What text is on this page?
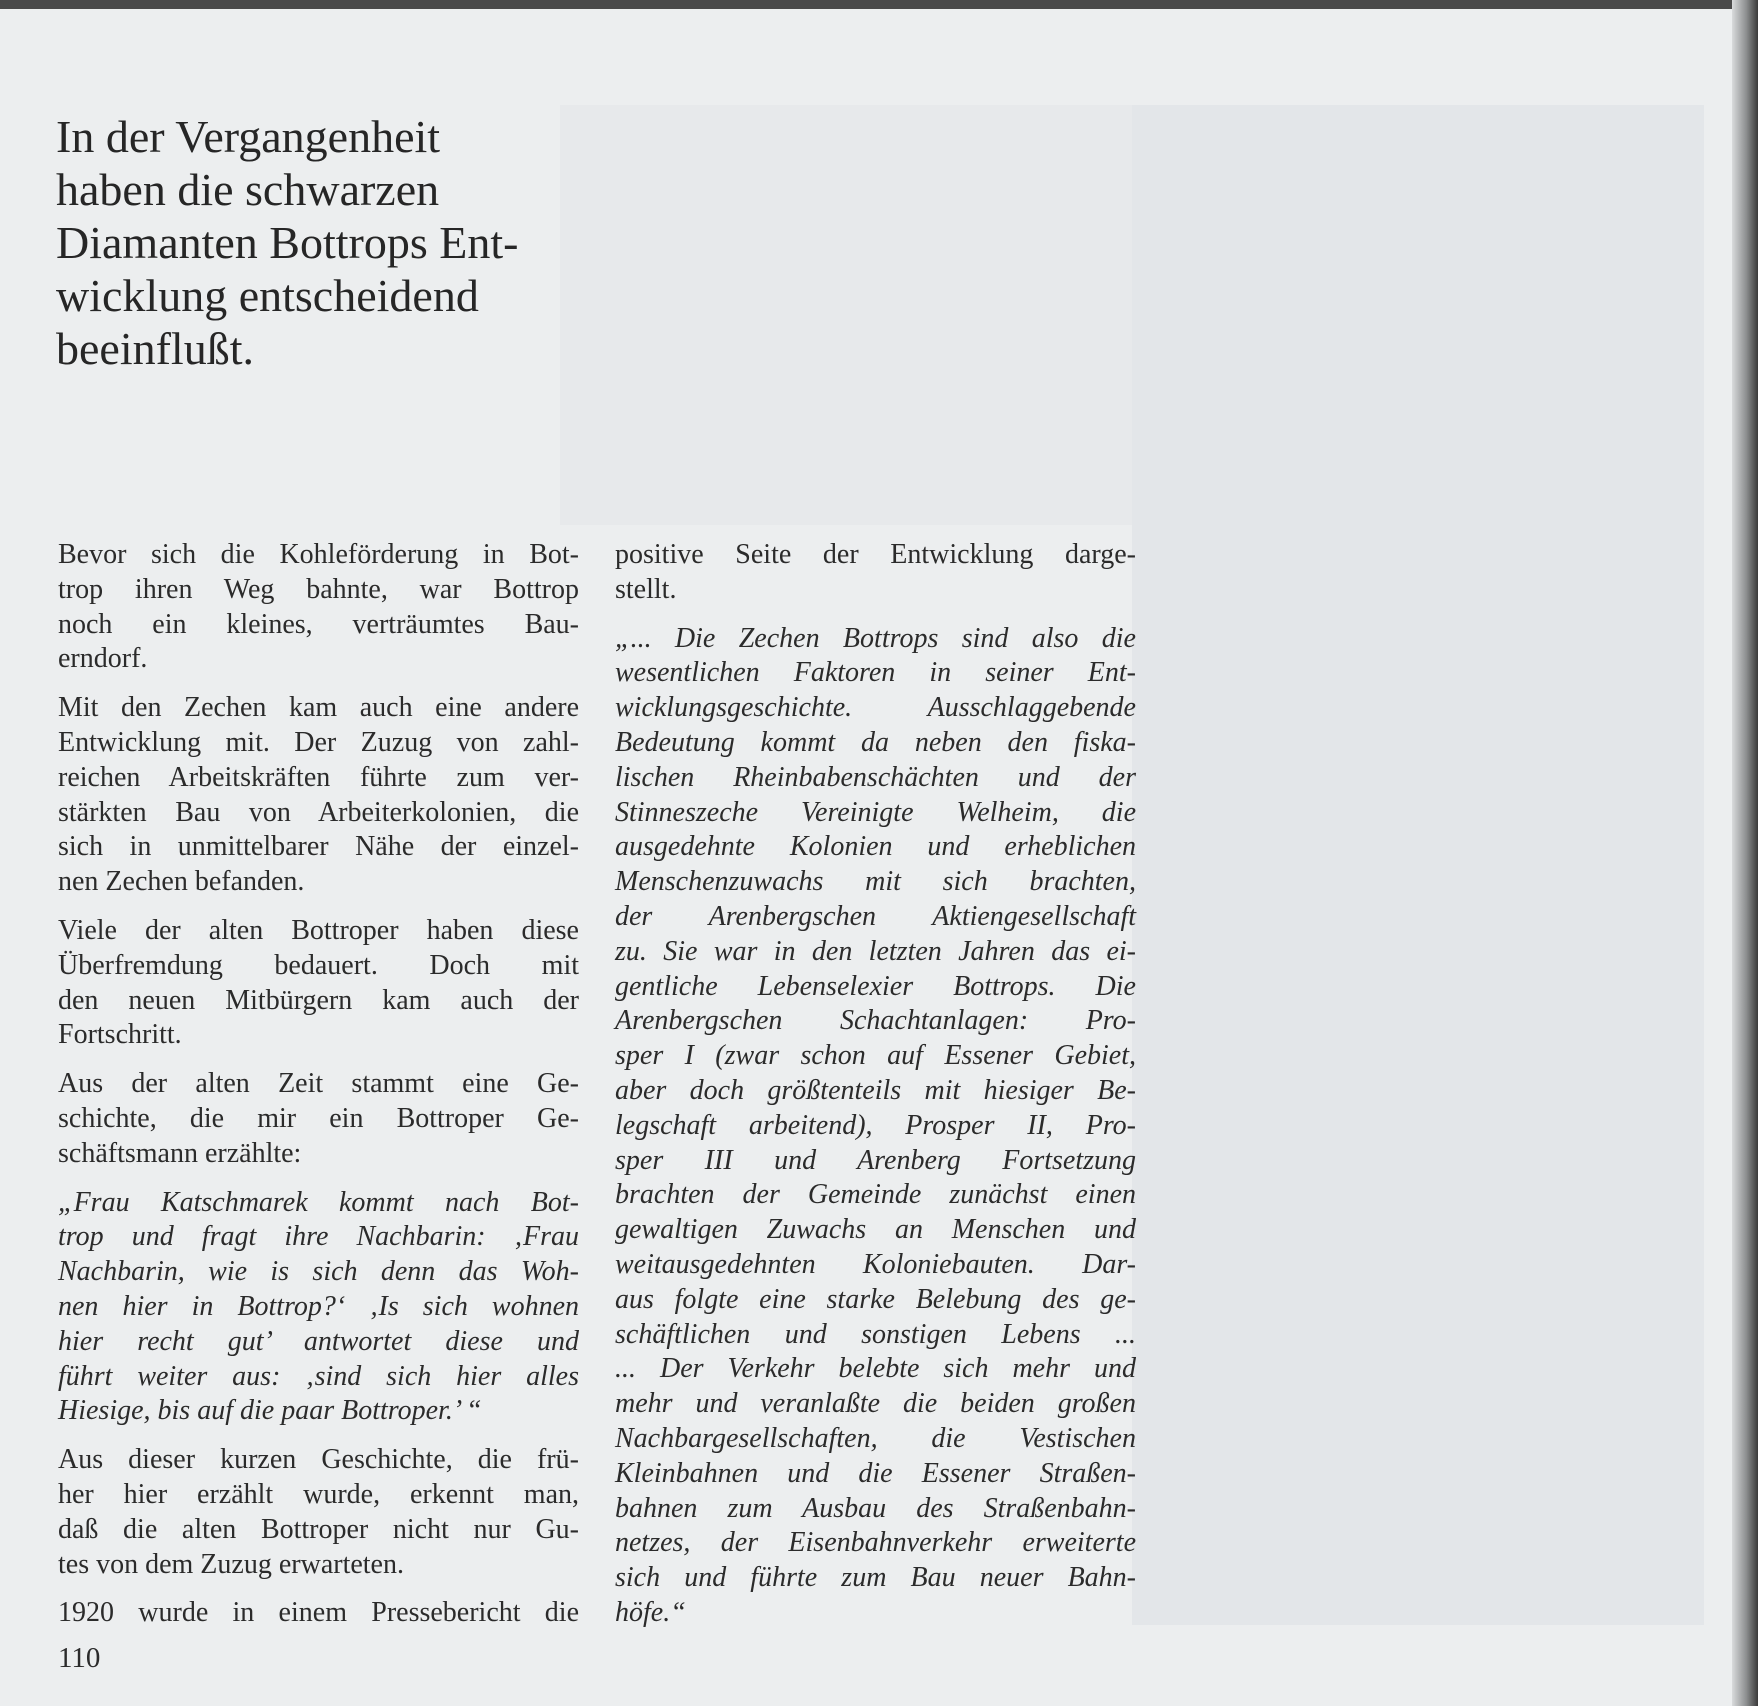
In der Vergangenheit
haben die schwarzen
Diamanten Bottrops Ent-
wicklung entscheidend
beeinflußt.
Bevor sich die Kohleförderung in Bot-
trop ihren Weg bahnte, war Bottrop
noch ein kleines, verträumtes Bau-
erndorf.
Mit den Zechen kam auch eine andere
Entwicklung mit. Der Zuzug von zahl-
reichen Arbeitskräften führte zum ver-
stärkten Bau von Arbeiterkolonien, die
sich in unmittelbarer Nähe der einzel-
nen Zechen befanden.
Viele der alten Bottroper haben diese
Überfremdung bedauert. Doch mit
den neuen Mitbürgern kam auch der
Fortschritt.
Aus der alten Zeit stammt eine Ge-
schichte, die mir ein Bottroper Ge-
schäftsmann erzählte:
„Frau Katschmarek kommt nach Bot-
trop und fragt ihre Nachbarin: ‚Frau
Nachbarin, wie is sich denn das Woh-
nen hier in Bottrop?‘ ‚Is sich wohnen
hier recht gut’ antwortet diese und
führt weiter aus: ‚sind sich hier alles
Hiesige, bis auf die paar Bottroper.’ “
Aus dieser kurzen Geschichte, die frü-
her hier erzählt wurde, erkennt man,
daß die alten Bottroper nicht nur Gu-
tes von dem Zuzug erwarteten.
1920 wurde in einem Pressebericht die
positive Seite der Entwicklung darge-
stellt.
„... Die Zechen Bottrops sind also die
wesentlichen Faktoren in seiner Ent-
wicklungsgeschichte. Ausschlaggebende
Bedeutung kommt da neben den fiska-
lischen Rheinbabenschächten und der
Stinneszeche Vereinigte Welheim, die
ausgedehnte Kolonien und erheblichen
Menschenzuwachs mit sich brachten,
der Arenbergschen Aktiengesellschaft
zu. Sie war in den letzten Jahren das ei-
gentliche Lebenselexier Bottrops. Die
Arenbergschen Schachtanlagen: Pro-
sper I (zwar schon auf Essener Gebiet,
aber doch größtenteils mit hiesiger Be-
legschaft arbeitend), Prosper II, Pro-
sper III und Arenberg Fortsetzung
brachten der Gemeinde zunächst einen
gewaltigen Zuwachs an Menschen und
weitausgedehnten Koloniebauten. Dar-
aus folgte eine starke Belebung des ge-
schäftlichen und sonstigen Lebens ...
... Der Verkehr belebte sich mehr und
mehr und veranlaßte die beiden großen
Nachbargesellschaften, die Vestischen
Kleinbahnen und die Essener Straßen-
bahnen zum Ausbau des Straßenbahn-
netzes, der Eisenbahnverkehr erweiterte
sich und führte zum Bau neuer Bahn-
höfe.“
110
